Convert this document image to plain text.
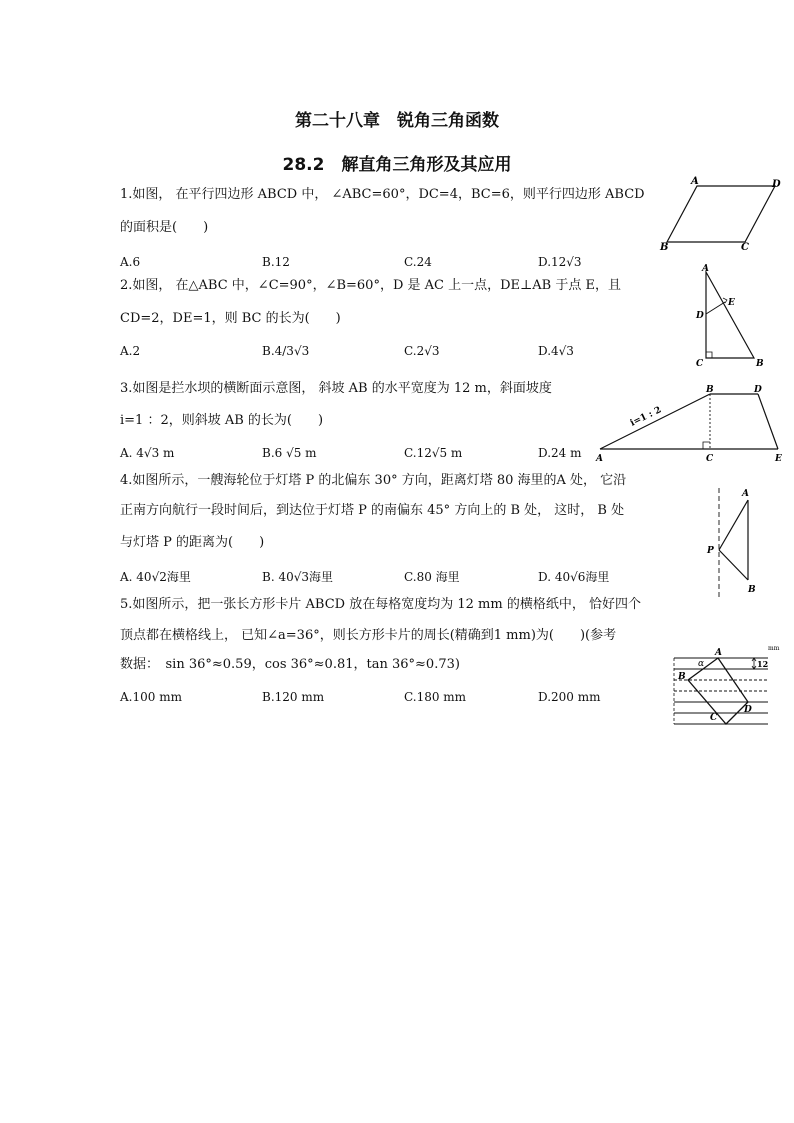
第二十八章　锐角三角函数
28.2　解直角三角形及其应用
1.如图， 在平行四边形 ABCD 中， ∠ABC=60°，DC=4，BC=6，则平行四边形 ABCD
的面积是(　　)
A.6	B.12	C.24	D.12√3
2.如图， 在△ABC 中，∠C=90°，∠B=60°，D 是 AC 上一点，DE⊥AB 于点 E，且
CD=2，DE=1，则 BC 的长为(　　)
A.2	B.4/3√3	C.2√3	D.4√3
3.如图是拦水坝的横断面示意图， 斜坡 AB 的水平宽度为 12 m，斜面坡度
i=1 ：2，则斜坡 AB 的长为(　　)
A. 4√3 m	B.6 √5 m	C.12√5 m	D.24 m
4.如图所示，一艘海轮位于灯塔 P 的北偏东 30° 方向，距离灯塔 80 海里的A 处， 它沿
正南方向航行一段时间后，到达位于灯塔 P 的南偏东 45° 方向上的 B 处， 这时， B 处
与灯塔 P 的距离为(　　)
A. 40√2海里	B. 40√3海里	C.80 海里	D. 40√6海里
5.如图所示，把一张长方形卡片 ABCD 放在每格宽度均为 12 mm 的横格纸中， 恰好四个
顶点都在横格线上， 已知∠a=36°，则长方形卡片的周长(精确到1 mm)为(　　)(参考
数据：　sin 36°≈0.59，cos 36°≈0.81，tan 36°≈0.73)
A.100 mm	B.120 mm	C.180 mm	D.200 mm
A	D
B	C
A
E
D
C	B
i=1 : 2
B	D
A	C	E
A
P
B
12
mm
A
α
B
D
C
